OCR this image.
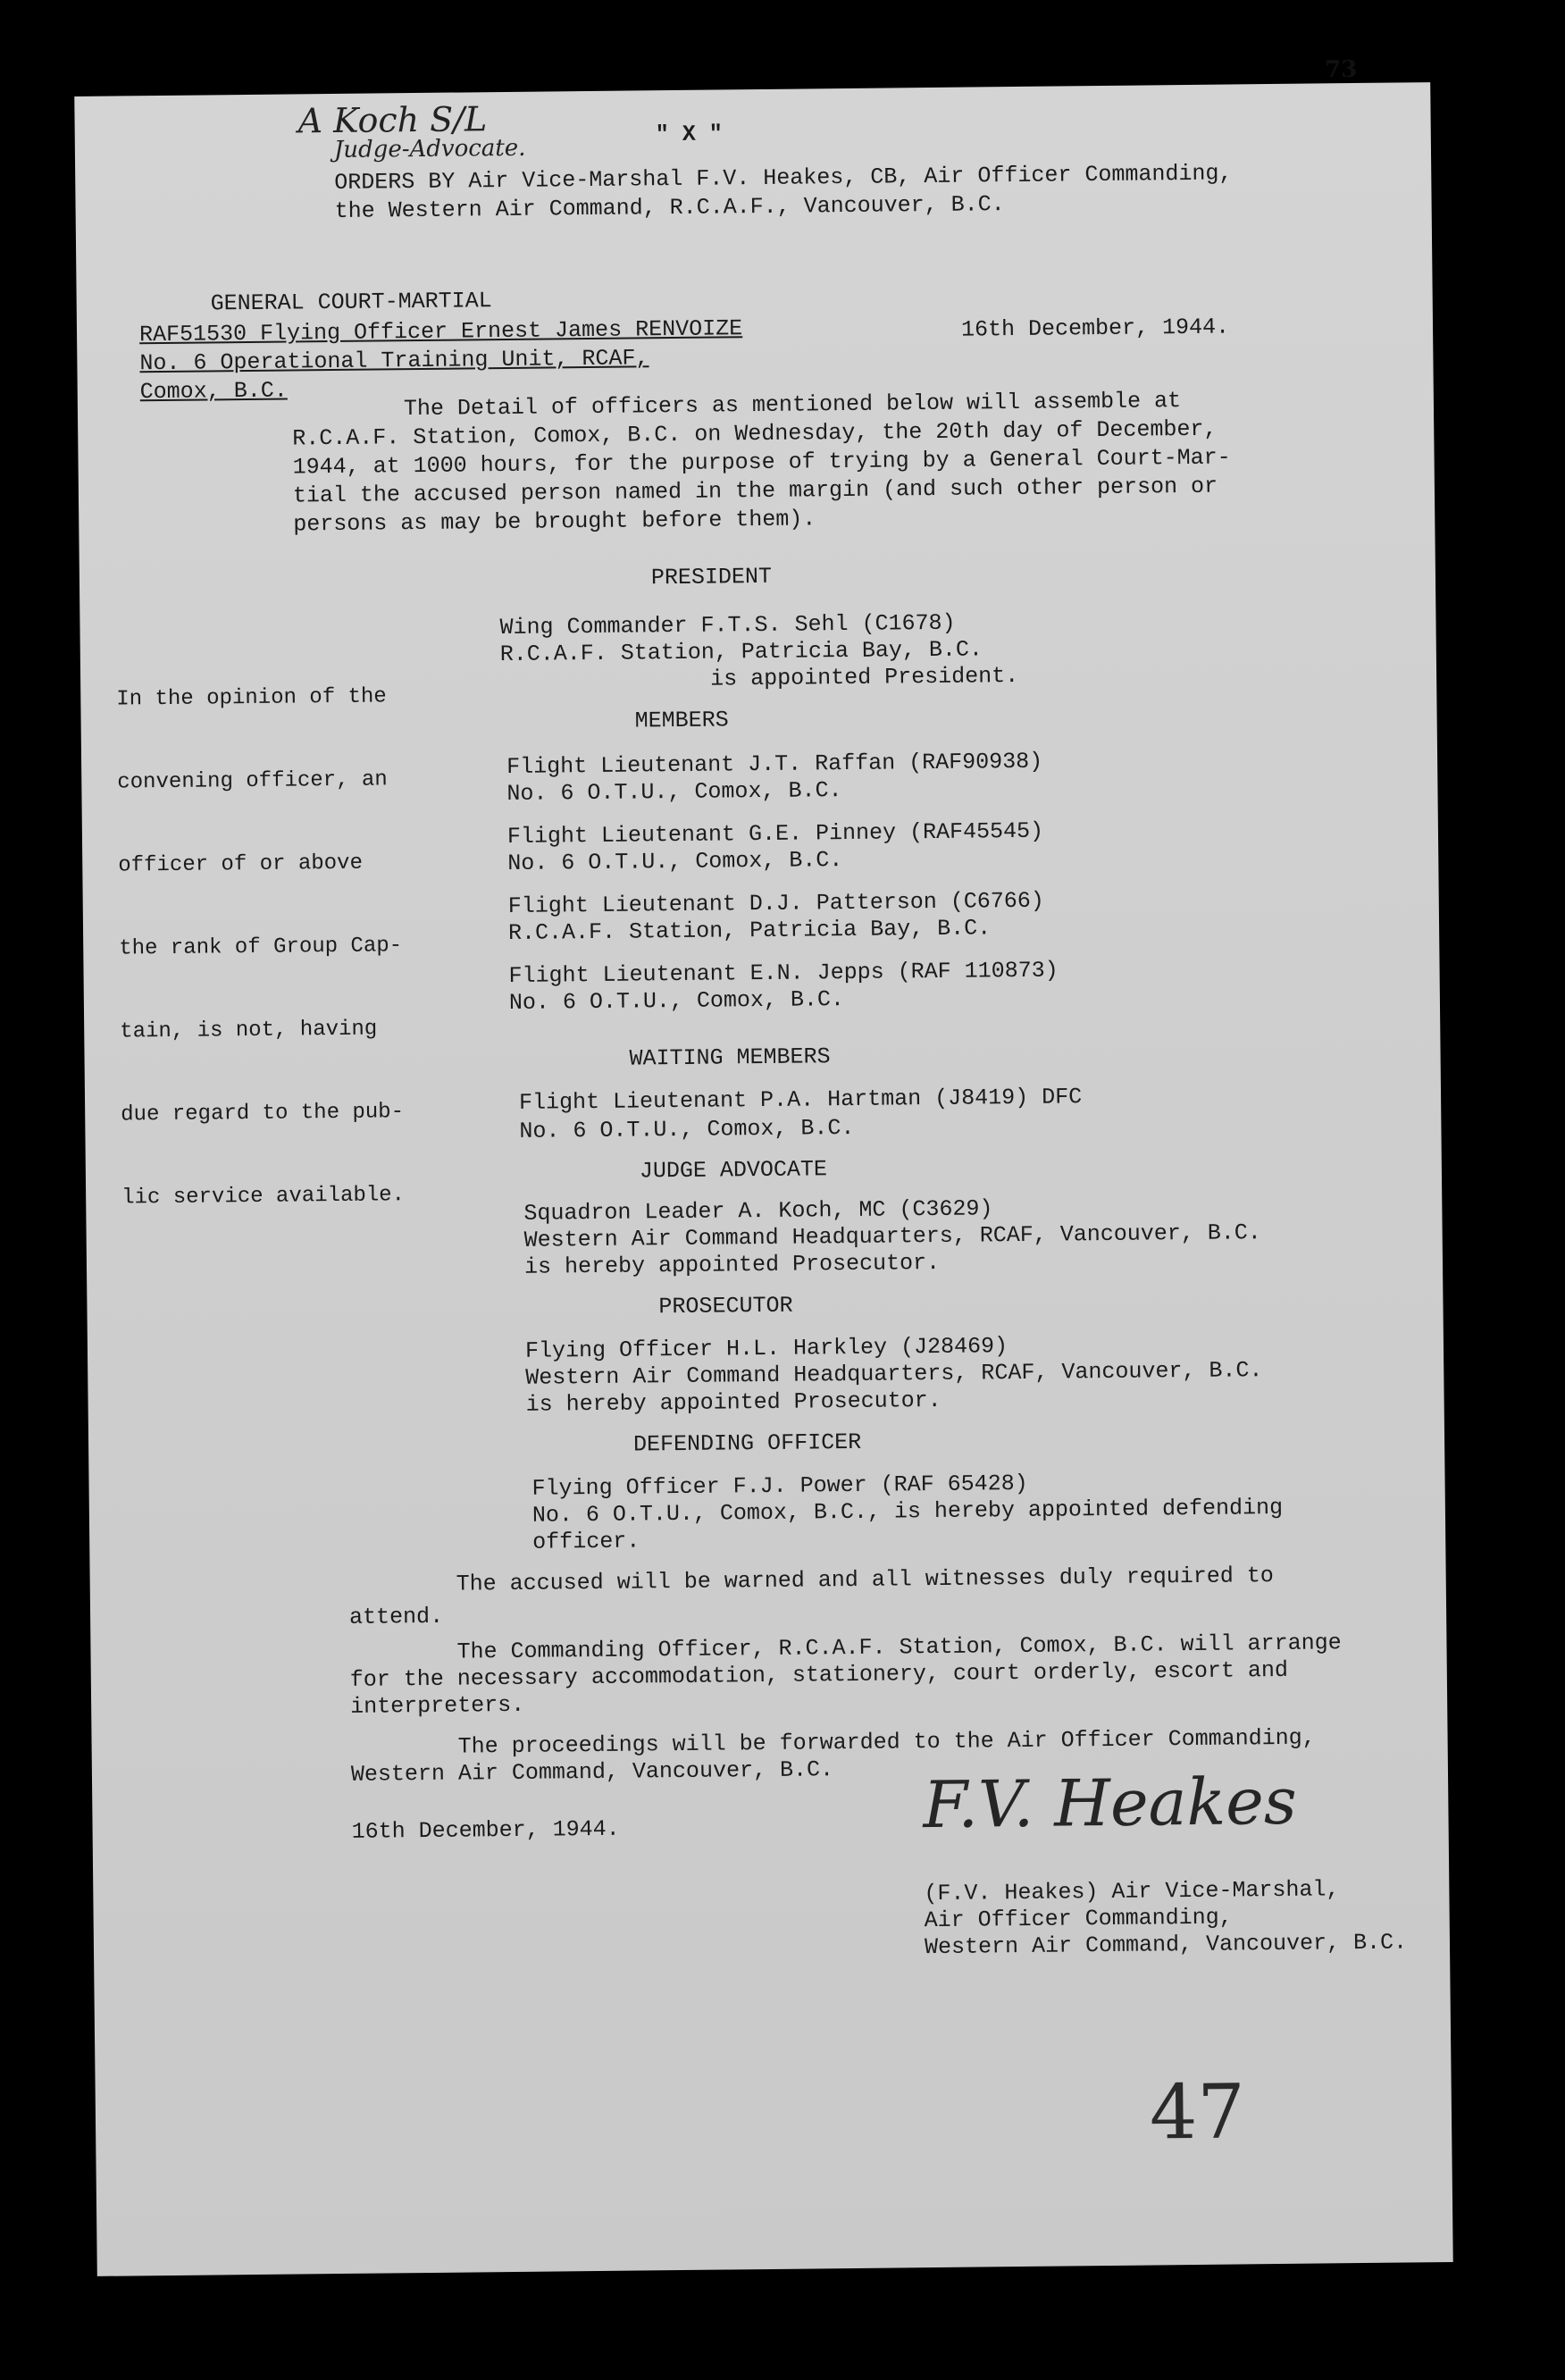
73
" X "
A Koch S/L
Judge-Advocate.
ORDERS BY Air Vice-Marshal F.V. Heakes, CB, Air Officer Commanding,
the Western Air Command, R.C.A.F., Vancouver, B.C.
GENERAL COURT-MARTIAL
RAF51530 Flying Officer Ernest James RENVOIZE
No. 6 Operational Training Unit, RCAF,
Comox, B.C.
16th December, 1944.
The Detail of officers as mentioned below will assemble at
R.C.A.F. Station, Comox, B.C. on Wednesday, the 20th day of December,
1944, at 1000 hours, for the purpose of trying by a General Court-Mar-
tial the accused person named in the margin (and such other person or
persons as may be brought before them).

In the opinion of the

convening officer, an

officer of or above

the rank of Group Cap-

tain, is not, having

due regard to the pub-

lic service available.

PRESIDENT
Wing Commander F.T.S. Sehl (C1678)
R.C.A.F. Station, Patricia Bay, B.C.
is appointed President.
MEMBERS
Flight Lieutenant J.T. Raffan (RAF90938)
No. 6 O.T.U., Comox, B.C.
Flight Lieutenant G.E. Pinney (RAF45545)
No. 6 O.T.U., Comox, B.C.
Flight Lieutenant D.J. Patterson (C6766)
R.C.A.F. Station, Patricia Bay, B.C.
Flight Lieutenant E.N. Jepps (RAF 110873)
No. 6 O.T.U., Comox, B.C.
WAITING MEMBERS
Flight Lieutenant P.A. Hartman (J8419) DFC
No. 6 O.T.U., Comox, B.C.
JUDGE ADVOCATE
Squadron Leader A. Koch, MC (C3629)
Western Air Command Headquarters, RCAF, Vancouver, B.C.
is hereby appointed Prosecutor.
PROSECUTOR
Flying Officer H.L. Harkley (J28469)
Western Air Command Headquarters, RCAF, Vancouver, B.C.
is hereby appointed Prosecutor.
DEFENDING OFFICER
Flying Officer F.J. Power (RAF 65428)
No. 6 O.T.U., Comox, B.C., is hereby appointed defending
officer.
The accused will be warned and all witnesses duly required to
attend.
The Commanding Officer, R.C.A.F. Station, Comox, B.C. will arrange
for the necessary accommodation, stationery, court orderly, escort and
interpreters.
The proceedings will be forwarded to the Air Officer Commanding,
Western Air Command, Vancouver, B.C.
16th December, 1944.	F.V. Heakes
(F.V. Heakes) Air Vice-Marshal,
Air Officer Commanding,
Western Air Command, Vancouver, B.C.
47
